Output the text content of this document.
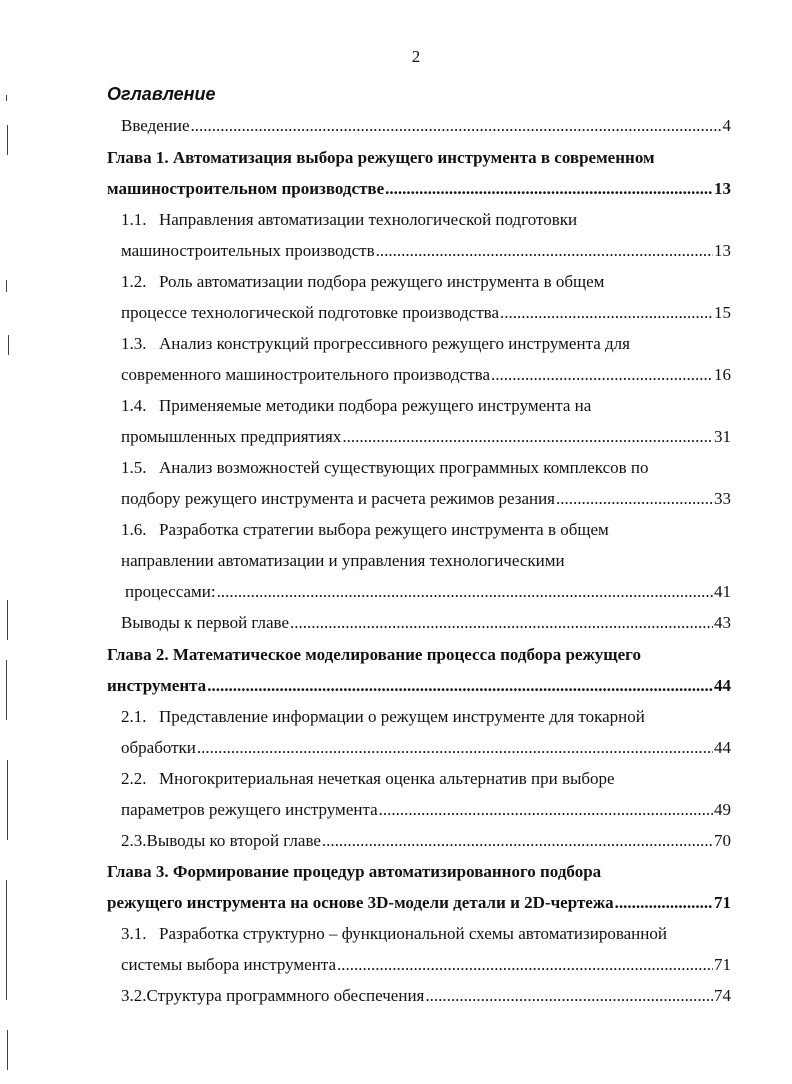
2
Оглавление
Введение .....	4
Глава 1. Автоматизация выбора режущего инструмента в современном
машиностроительном производстве .....	13
1.1. Направления автоматизации технологической подготовки
машиностроительных производств .....	13
1.2. Роль автоматизации подбора режущего инструмента в общем
процессе технологической подготовке производства .....	15
1.3. Анализ конструкций прогрессивного режущего инструмента для
современного машиностроительного производства .....	16
1.4. Применяемые методики подбора режущего инструмента на
промышленных предприятиях .....	31
1.5. Анализ возможностей существующих программных комплексов по
подбору режущего инструмента и расчета режимов резания .....	33
1.6. Разработка стратегии выбора режущего инструмента в общем
направлении автоматизации и управления технологическими
процессами: .....	41
Выводы к первой главе .....	43
Глава 2. Математическое моделирование процесса подбора режущего
инструмента .....	44
2.1. Представление информации о режущем инструменте для токарной
обработки .....	44
2.2. Многокритериальная нечеткая оценка альтернатив при выборе
параметров режущего инструмента .....	49
2.3. Выводы ко второй главе .....	70
Глава 3. Формирование процедур автоматизированного подбора
режущего инструмента на основе 3D-модели детали и 2D-чертежа .....	71
3.1. Разработка структурно – функциональной схемы автоматизированной
системы выбора инструмента .....	71
3.2. Структура программного обеспечения .....	74
